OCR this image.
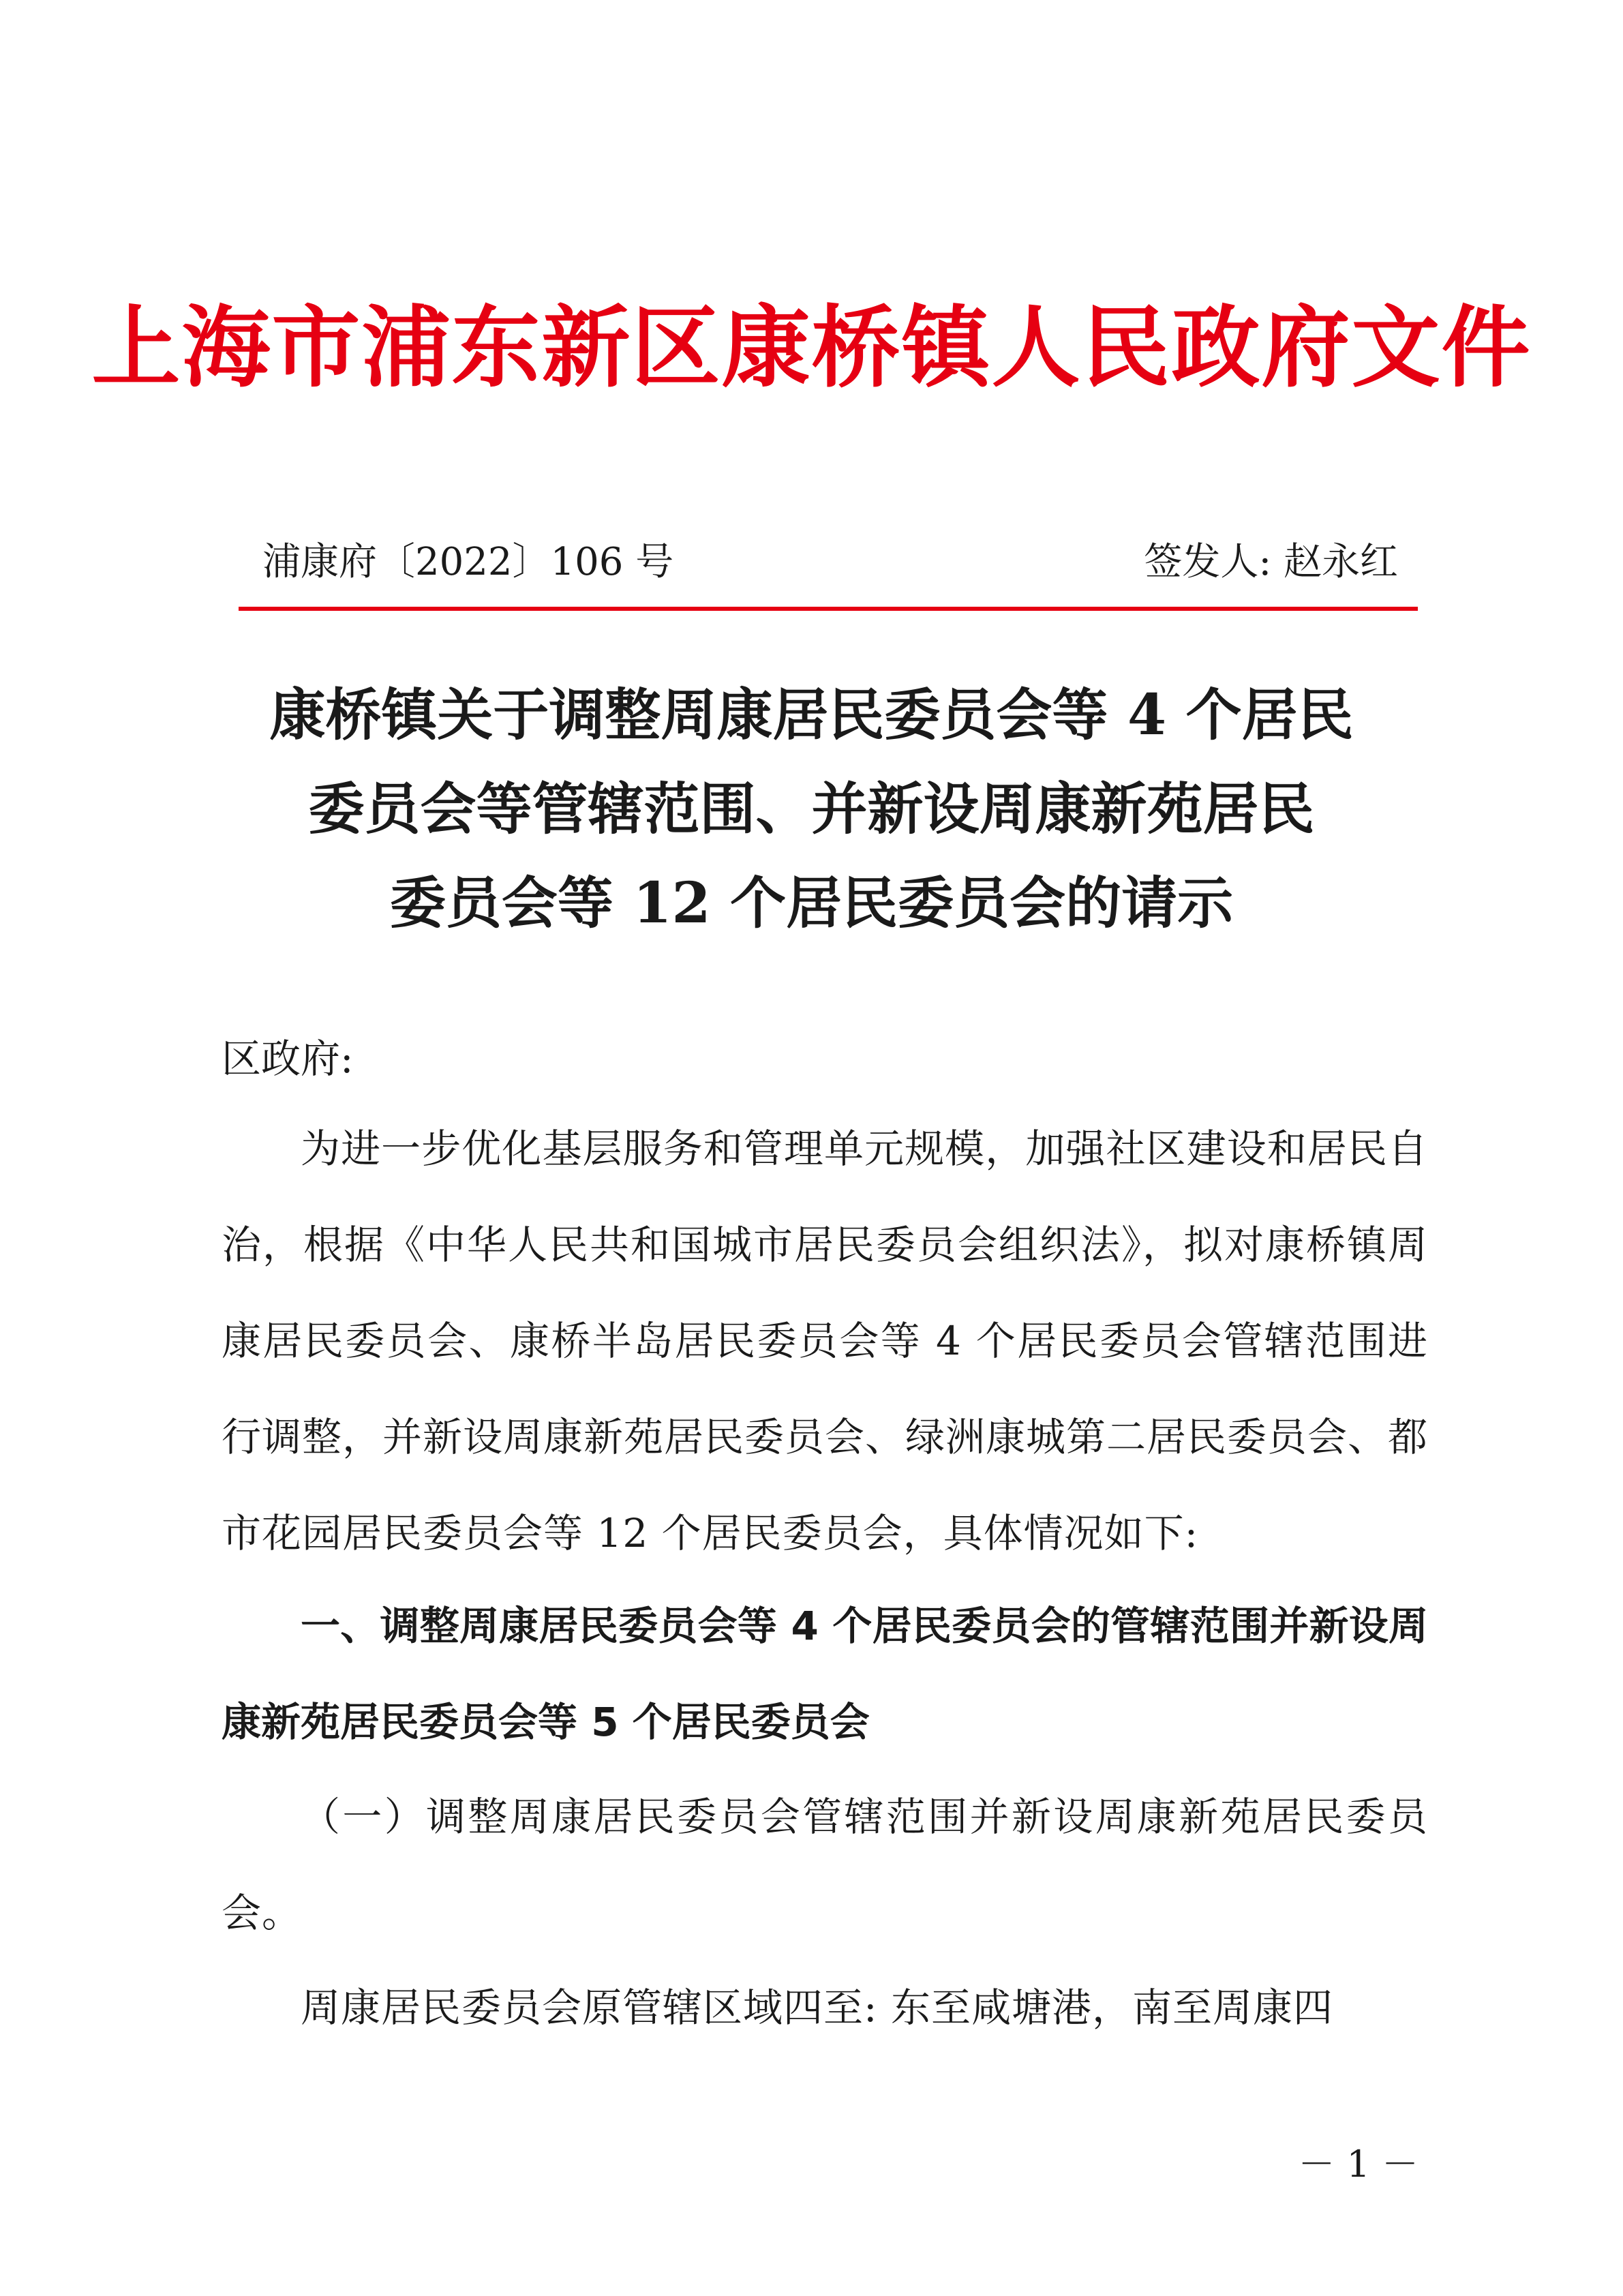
上海市浦东新区康桥镇人民政府文件
浦康府〔2022〕106 号	签发人: 赵永红
康桥镇关于调整周康居民委员会等 4 个居民
委员会等管辖范围、并新设周康新苑居民
委员会等 12 个居民委员会的请示
区政府:

为进一步优化基层服务和管理单元规模，加强社区建设和居民自治，根据《中华人民共和国城市居民委员会组织法》，拟对康桥镇周康居民委员会、康桥半岛居民委员会等 4 个居民委员会管辖范围进行调整，并新设周康新苑居民委员会、绿洲康城第二居民委员会、都市花园居民委员会等 12 个居民委员会，具体情况如下:

一、调整周康居民委员会等 4 个居民委员会的管辖范围并新设周康新苑居民委员会等 5 个居民委员会

（一）调整周康居民委员会管辖范围并新设周康新苑居民委员会。

周康居民委员会原管辖区域四至: 东至咸塘港，南至周康四

－ 1 －
